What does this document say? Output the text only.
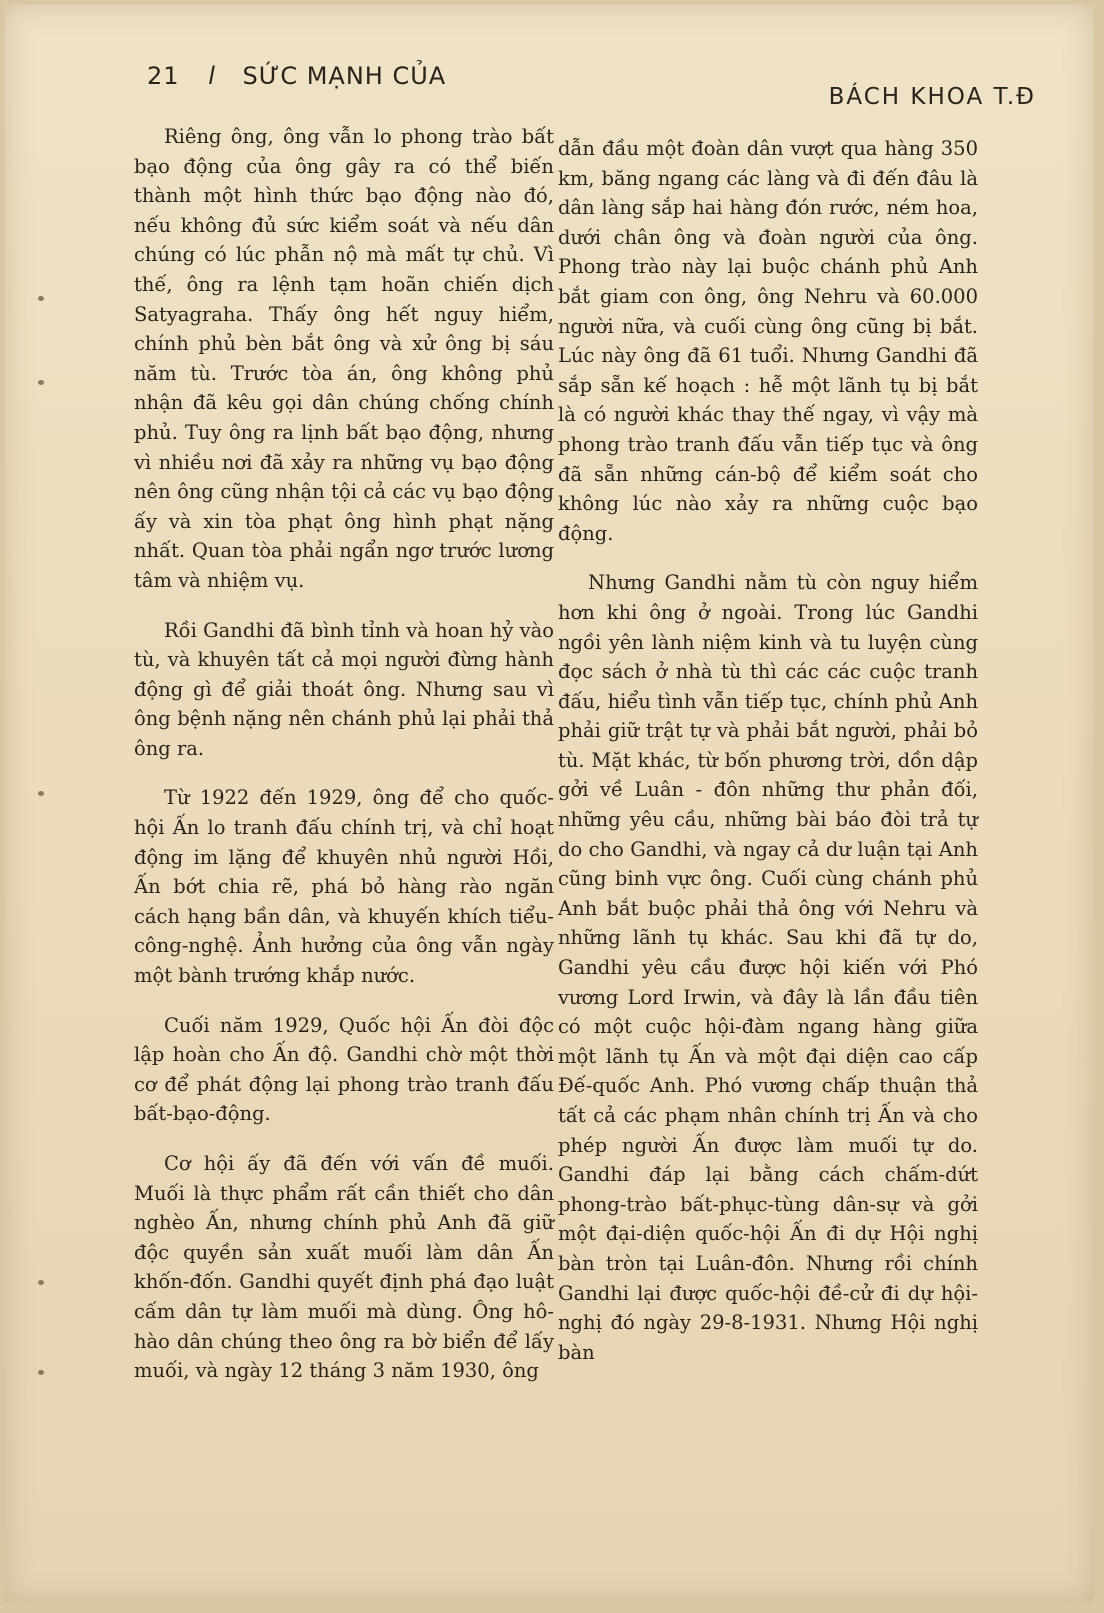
21 l SỨC MẠNH CỦA
BÁCH KHOA T.Đ

Riêng ông, ông vẫn lo phong trào bất bạo động của ông gây ra có thể biến thành một hình thức bạo động nào đó, nếu không đủ sức kiểm soát và nếu dân chúng có lúc phẫn nộ mà mất tự chủ. Vì thế, ông ra lệnh tạm hoãn chiến dịch Satyagraha. Thấy ông hết nguy hiểm, chính phủ bèn bắt ông và xử ông bị sáu năm tù. Trước tòa án, ông không phủ nhận đã kêu gọi dân chúng chống chính phủ. Tuy ông ra lịnh bất bạo động, nhưng vì nhiều nơi đã xảy ra những vụ bạo động nên ông cũng nhận tội cả các vụ bạo động ấy và xin tòa phạt ông hình phạt nặng nhất. Quan tòa phải ngẩn ngơ trước lương tâm và nhiệm vụ.

Rồi Gandhi đã bình tỉnh và hoan hỷ vào tù, và khuyên tất cả mọi người đừng hành động gì để giải thoát ông. Nhưng sau vì ông bệnh nặng nên chánh phủ lại phải thả ông ra.

Từ 1922 đến 1929, ông để cho quốc-hội Ấn lo tranh đấu chính trị, và chỉ hoạt động im lặng để khuyên nhủ người Hồi, Ấn bớt chia rẽ, phá bỏ hàng rào ngăn cách hạng bần dân, và khuyến khích tiểu-công-nghệ. Ảnh hưởng của ông vẫn ngày một bành trướng khắp nước.

Cuối năm 1929, Quốc hội Ấn đòi độc lập hoàn cho Ấn độ. Gandhi chờ một thời cơ để phát động lại phong trào tranh đấu bất-bạo-động.

Cơ hội ấy đã đến với vấn đề muối. Muối là thực phẩm rất cần thiết cho dân nghèo Ấn, nhưng chính phủ Anh đã giữ độc quyền sản xuất muối làm dân Ấn khốn-đốn. Gandhi quyết định phá đạo luật cấm dân tự làm muối mà dùng. Ông hô-hào dân chúng theo ông ra bờ biển để lấy muối, và ngày 12 tháng 3 năm 1930, ông

dẫn đầu một đoàn dân vượt qua hàng 350 km, băng ngang các làng và đi đến đâu là dân làng sắp hai hàng đón rước, ném hoa, dưới chân ông và đoàn người của ông. Phong trào này lại buộc chánh phủ Anh bắt giam con ông, ông Nehru và 60.000 người nữa, và cuối cùng ông cũng bị bắt. Lúc này ông đã 61 tuổi. Nhưng Gandhi đã sắp sẵn kế hoạch : hễ một lãnh tụ bị bắt là có người khác thay thế ngay, vì vậy mà phong trào tranh đấu vẫn tiếp tục và ông đã sẵn những cán-bộ để kiểm soát cho không lúc nào xảy ra những cuộc bạo động.

Nhưng Gandhi nằm tù còn nguy hiểm hơn khi ông ở ngoài. Trong lúc Gandhi ngồi yên lành niệm kinh và tu luyện cùng đọc sách ở nhà tù thì các các cuộc tranh đấu, hiểu tình vẫn tiếp tục, chính phủ Anh phải giữ trật tự và phải bắt người, phải bỏ tù. Mặt khác, từ bốn phương trời, dồn dập gởi về Luân - đôn những thư phản đối, những yêu cầu, những bài báo đòi trả tự do cho Gandhi, và ngay cả dư luận tại Anh cũng binh vực ông. Cuối cùng chánh phủ Anh bắt buộc phải thả ông với Nehru và những lãnh tụ khác. Sau khi đã tự do, Gandhi yêu cầu được hội kiến với Phó vương Lord Irwin, và đây là lần đầu tiên có một cuộc hội-đàm ngang hàng giữa một lãnh tụ Ấn và một đại diện cao cấp Đế-quốc Anh. Phó vương chấp thuận thả tất cả các phạm nhân chính trị Ấn và cho phép người Ấn được làm muối tự do. Gandhi đáp lại bằng cách chấm-dứt phong-trào bất-phục-tùng dân-sự và gởi một đại-diện quốc-hội Ấn đi dự Hội nghị bàn tròn tại Luân-đôn. Nhưng rồi chính Gandhi lại được quốc-hội đề-cử đi dự hội-nghị đó ngày 29-8-1931. Nhưng Hội nghị bàn
